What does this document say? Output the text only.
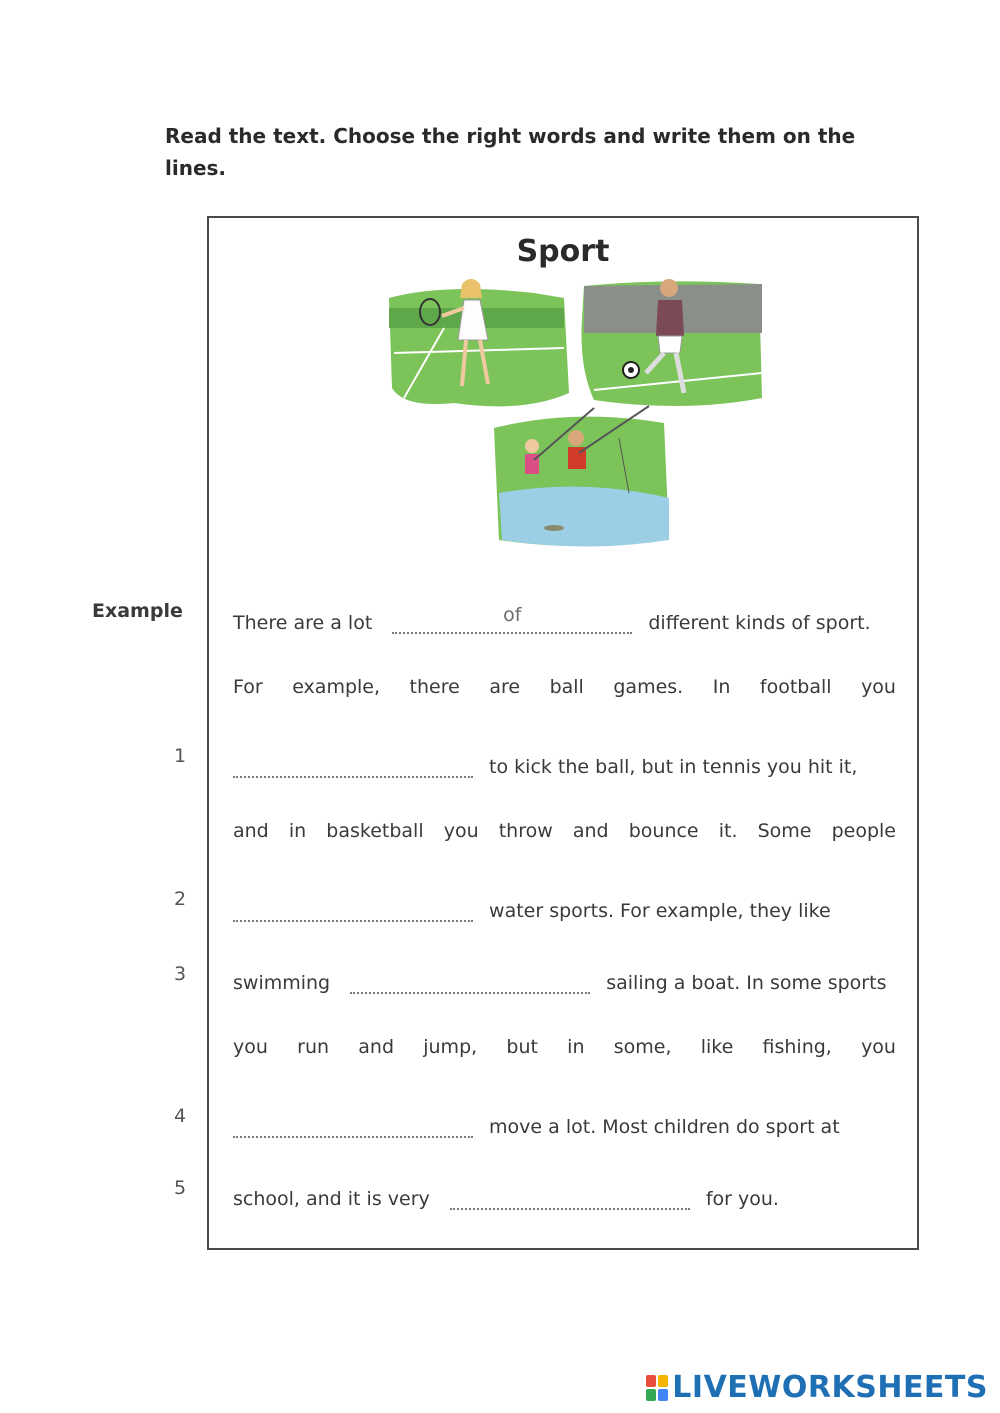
Read the text. Choose the right words and write them on the lines.
Sport
Example
1
2
3
4
5
There are a lot	of	different kinds of sport.
For example, there are ball games. In football you
to kick the ball, but in tennis you hit it,
and in basketball you throw and bounce it. Some people
water sports. For example, they like
swimming	sailing a boat. In some sports
you run and jump, but in some, like fishing, you
move a lot. Most children do sport at
school, and it is very	for you.
LIVEWORKSHEETS
